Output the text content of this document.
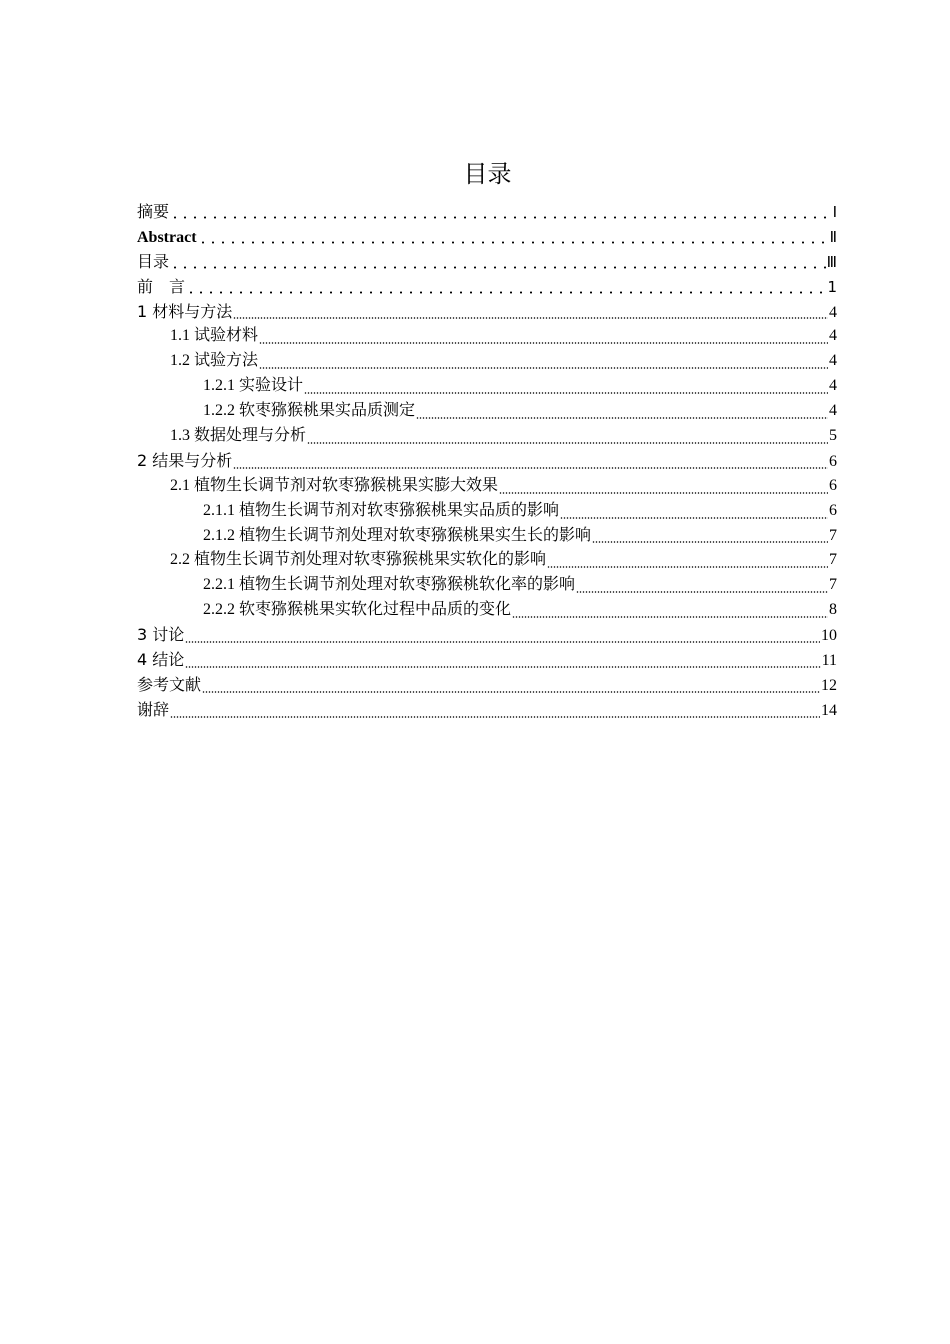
目录
摘要	Ⅰ
Abstract	Ⅱ
目录	Ⅲ
前　言	1
1 材料与方法	4
1.1 试验材料	4
1.2 试验方法	4
1.2.1 实验设计	4
1.2.2 软枣猕猴桃果实品质测定	4
1.3 数据处理与分析	5
2 结果与分析	6
2.1 植物生长调节剂对软枣猕猴桃果实膨大效果	6
2.1.1 植物生长调节剂对软枣猕猴桃果实品质的影响	6
2.1.2 植物生长调节剂处理对软枣猕猴桃果实生长的影响	7
2.2 植物生长调节剂处理对软枣猕猴桃果实软化的影响	7
2.2.1 植物生长调节剂处理对软枣猕猴桃软化率的影响	7
2.2.2 软枣猕猴桃果实软化过程中品质的变化	8
3 讨论	10
4 结论	11
参考文献	12
谢辞	14
